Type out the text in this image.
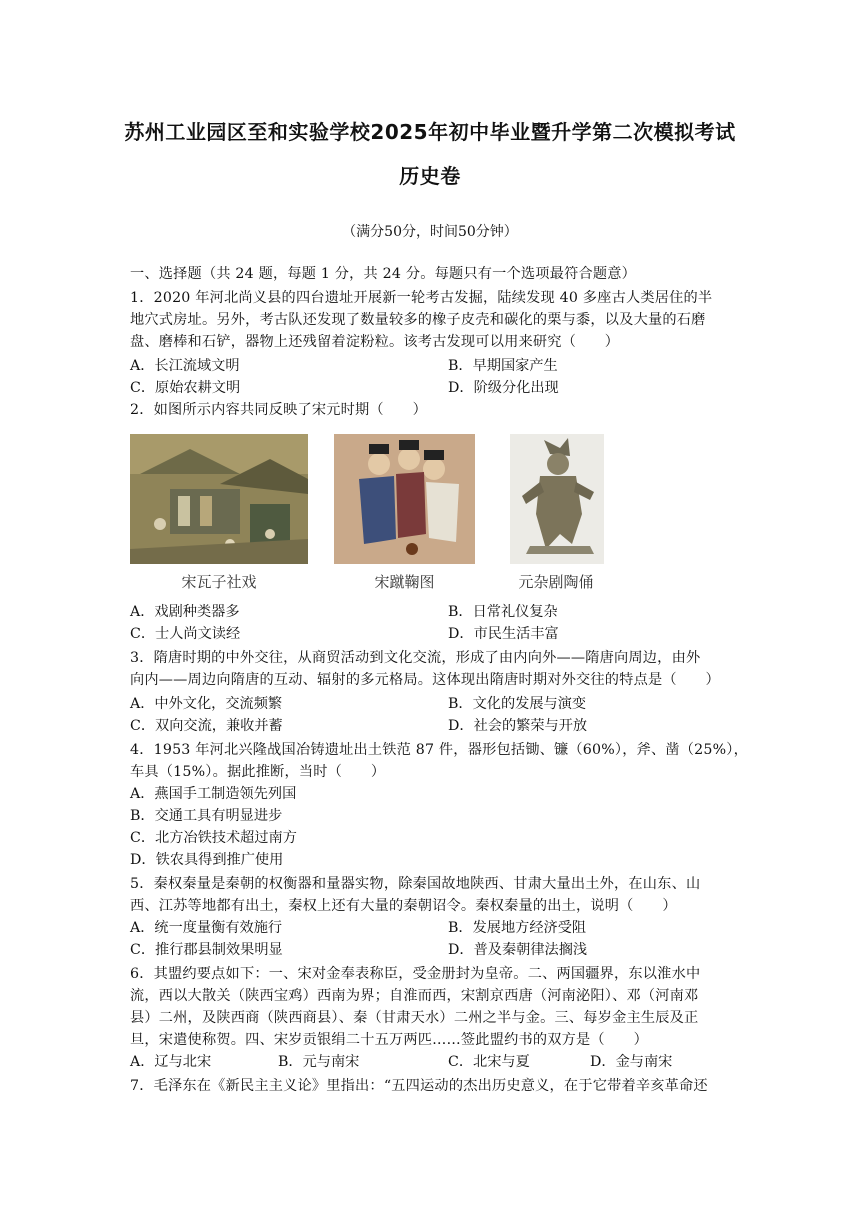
苏州工业园区至和实验学校2025年初中毕业暨升学第二次模拟考试
历史卷
（满分50分，时间50分钟）
一、选择题（共 24 题，每题 1 分，共 24 分。每题只有一个选项最符合题意）
1．2020 年河北尚义县的四台遗址开展新一轮考古发掘，陆续发现 40 多座古人类居住的半
地穴式房址。另外，考古队还发现了数量较多的橡子皮壳和碳化的栗与黍，以及大量的石磨
盘、磨棒和石铲，器物上还残留着淀粉粒。该考古发现可以用来研究（　　）
A．长江流域文明	B．早期国家产生
C．原始农耕文明	D．阶级分化出现
2．如图所示内容共同反映了宋元时期（　　）
宋瓦子社戏	宋蹴鞠图	元杂剧陶俑
A．戏剧种类器多	B．日常礼仪复杂
C．士人尚文读经	D．市民生活丰富
3．隋唐时期的中外交往，从商贸活动到文化交流，形成了由内向外——隋唐向周边，由外
向内——周边向隋唐的互动、辐射的多元格局。这体现出隋唐时期对外交往的特点是（　　）
A．中外文化，交流频繁	B．文化的发展与演变
C．双向交流，兼收并蓄	D．社会的繁荣与开放
4．1953 年河北兴隆战国冶铸遗址出土铁范 87 件，器形包括锄、镰（60%），斧、凿（25%），
车具（15%）。据此推断，当时（　　）
A．燕国手工制造领先列国
B．交通工具有明显进步
C．北方冶铁技术超过南方
D．铁农具得到推广使用
5．秦权秦量是秦朝的权衡器和量器实物，除秦国故地陕西、甘肃大量出土外，在山东、山
西、江苏等地都有出土，秦权上还有大量的秦朝诏令。秦权秦量的出土，说明（　　）
A．统一度量衡有效施行	B．发展地方经济受阻
C．推行郡县制效果明显	D．普及秦朝律法搁浅
6．其盟约要点如下：一、宋对金奉表称臣，受金册封为皇帝。二、两国疆界，东以淮水中
流，西以大散关（陕西宝鸡）西南为界；自淮而西，宋割京西唐（河南泌阳）、邓（河南邓
县）二州，及陕西商（陕西商县）、秦（甘肃天水）二州之半与金。三、每岁金主生辰及正
旦，宋遣使称贺。四、宋岁贡银绢二十五万两匹……签此盟约书的双方是（　　）
A．辽与北宋	B．元与南宋	C．北宋与夏	D．金与南宋
7．毛泽东在《新民主主义论》里指出：“五四运动的杰出历史意义，在于它带着辛亥革命还
